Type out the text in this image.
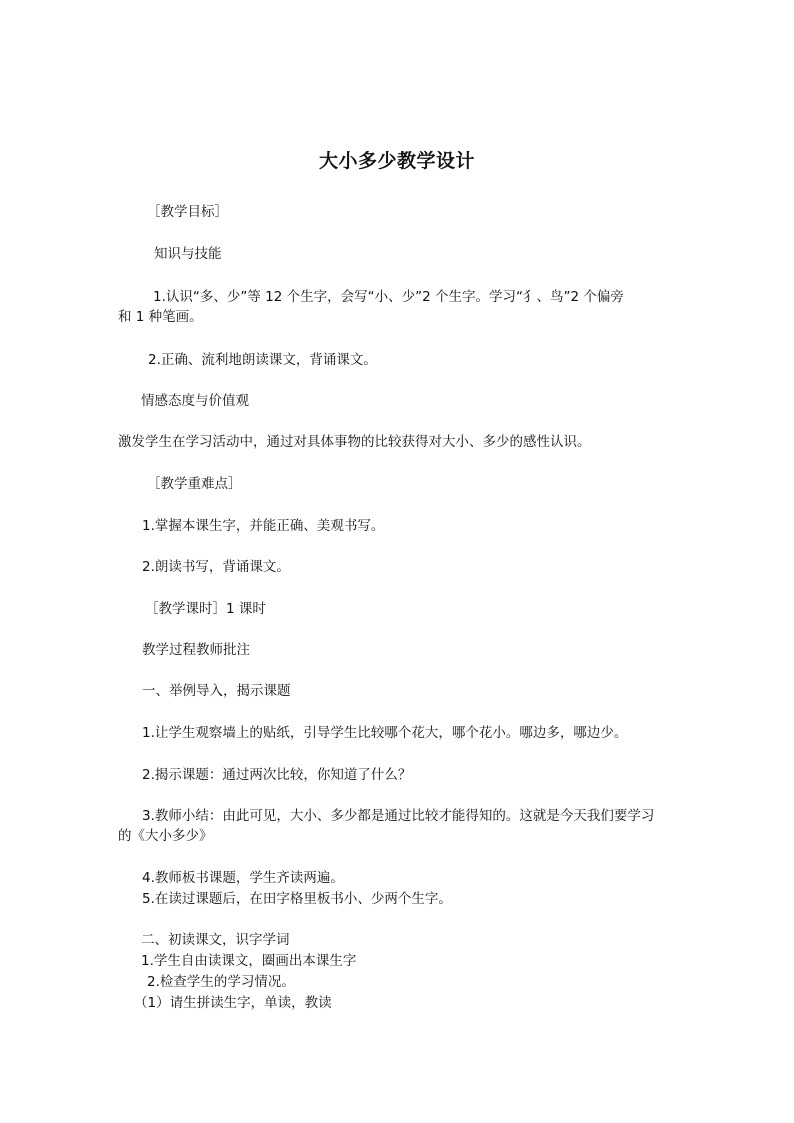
大小多少教学设计
［教学目标］
知识与技能
1.认识“多、少”等 12 个生字，会写“小、少”2 个生字。学习“犭、鸟”2 个偏旁
和 1 种笔画。
2.正确、流利地朗读课文，背诵课文。
情感态度与价值观
激发学生在学习活动中，通过对具体事物的比较获得对大小、多少的感性认识。
［教学重难点］
1.掌握本课生字，并能正确、美观书写。
2.朗读书写，背诵课文。
［教学课时］1 课时
教学过程教师批注
一、举例导入，揭示课题
1.让学生观察墙上的贴纸，引导学生比较哪个花大，哪个花小。哪边多，哪边少。
2.揭示课题：通过两次比较，你知道了什么？
3.教师小结：由此可见，大小、多少都是通过比较才能得知的。这就是今天我们要学习
的《大小多少》
4.教师板书课题，学生齐读两遍。
5.在读过课题后，在田字格里板书小、少两个生字。
二、初读课文，识字学词
1.学生自由读课文，圈画出本课生字
2.检查学生的学习情况。
（1）请生拼读生字，单读，教读
